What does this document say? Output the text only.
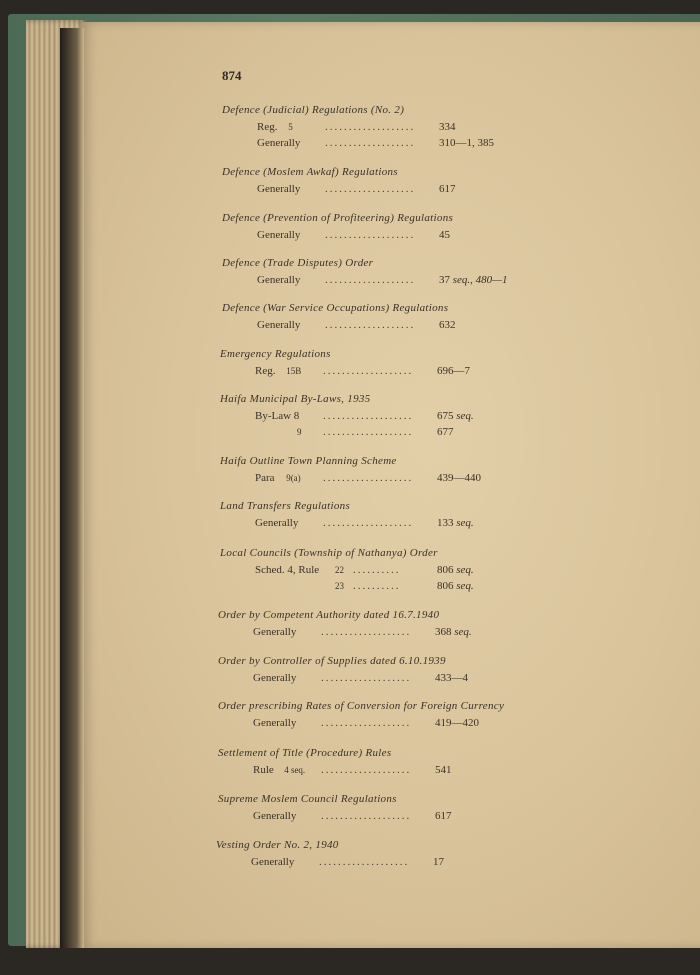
874
Defence (Judicial) Regulations (No. 2)
Reg. 5	................... 334
Generally ................... 310—1, 385
Defence (Moslem Awkaf) Regulations
Generally ................... 617
Defence (Prevention of Profiteering) Regulations
Generally ................... 45
Defence (Trade Disputes) Order
Generally ................... 37 seq., 480—1
Defence (War Service Occupations) Regulations
Generally ................... 632
Emergency Regulations
Reg. 15B ................... 696—7
Haifa Municipal By-Laws, 1935
By-Law 8 ................... 675 seq.
9 ................... 677
Haifa Outline Town Planning Scheme
Para 9(a) ................... 439—440
Land Transfers Regulations
Generally ................... 133 seq.
Local Councils (Township of Nathanya) Order
Sched. 4, Rule 22 ..........	806 seq.
23 ..........	806 seq.
Order by Competent Authority dated 16.7.1940
Generally ................... 368 seq.
Order by Controller of Supplies dated 6.10.1939
Generally ................... 433—4
Order prescribing Rates of Conversion for Foreign Currency
Generally ................... 419—420
Settlement of Title (Procedure) Rules
Rule 4 seq. ................... 541
Supreme Moslem Council Regulations
Generally ................... 617
Vesting Order No. 2, 1940
Generally ................... 17
